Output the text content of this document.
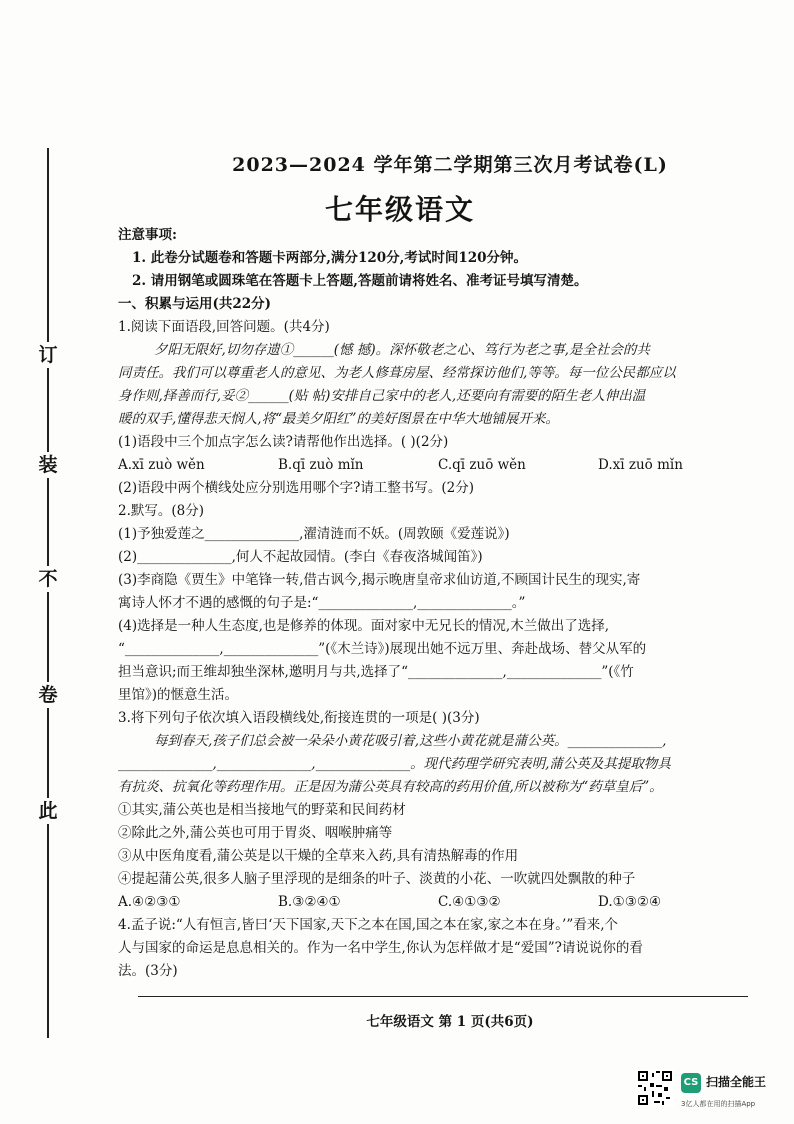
订
装
不
卷
此
2023—2024 学年第二学期第三次月考试卷(L)
七年级语文
注意事项:
1. 此卷分试题卷和答题卡两部分,满分120分,考试时间120分钟。
2. 请用钢笔或圆珠笔在答题卡上答题,答题前请将姓名、准考证号填写清楚。
一、积累与运用(共22分)
1.阅读下面语段,回答问题。(共4分)
夕阳无限好,切勿存遗①______(憾 撼)。深怀敬老之心、笃行为老之事,是全社会的共
同责任。我们可以尊重老人的意见、为老人修葺房屋、经常探访他们,等等。每一位公民都应以
身作则,择善而行,妥②______(贴 帖)安排自己家中的老人,还要向有需要的陌生老人伸出温
暖的双手,懂得悲天悯人,将“最美夕阳红”的美好图景在中华大地铺展开来。
(1)语段中三个加点字怎么读?请帮他作出选择。( )(2分)
A.xī zuò wěn	B.qī zuò mǐn	C.qī zuō wěn	D.xī zuō mǐn
(2)语段中两个横线处应分别选用哪个字?请工整书写。(2分)
2.默写。(8分)
(1)予独爱莲之______________,濯清涟而不妖。(周敦颐《爱莲说》)
(2)______________,何人不起故园情。(李白《春夜洛城闻笛》)
(3)李商隐《贾生》中笔锋一转,借古讽今,揭示晚唐皇帝求仙访道,不顾国计民生的现实,寄
寓诗人怀才不遇的感慨的句子是:“______________,______________。”
(4)选择是一种人生态度,也是修养的体现。面对家中无兄长的情况,木兰做出了选择,
“______________,______________”(《木兰诗》)展现出她不远万里、奔赴战场、替父从军的
担当意识;而王维却独坐深林,邀明月与共,选择了“______________,______________”(《竹
里馆》)的惬意生活。
3.将下列句子依次填入语段横线处,衔接连贯的一项是( )(3分)
每到春天,孩子们总会被一朵朵小黄花吸引着,这些小黄花就是蒲公英。______________,
______________,______________,______________。现代药理学研究表明,蒲公英及其提取物具
有抗炎、抗氧化等药理作用。正是因为蒲公英具有较高的药用价值,所以被称为“药草皇后”。
①其实,蒲公英也是相当接地气的野菜和民间药材
②除此之外,蒲公英也可用于胃炎、咽喉肿痛等
③从中医角度看,蒲公英是以干燥的全草来入药,具有清热解毒的作用
④提起蒲公英,很多人脑子里浮现的是细条的叶子、淡黄的小花、一吹就四处飘散的种子
A.④②③①	B.③②④①	C.④①③②	D.①③②④
4.孟子说:“人有恒言,皆曰‘天下国家,天下之本在国,国之本在家,家之本在身。’”看来,个
人与国家的命运是息息相关的。作为一名中学生,你认为怎样做才是“爱国”?请说说你的看
法。(3分)
七年级语文 第 1 页(共6页)
CS 扫描全能王
3亿人都在用的扫描App
